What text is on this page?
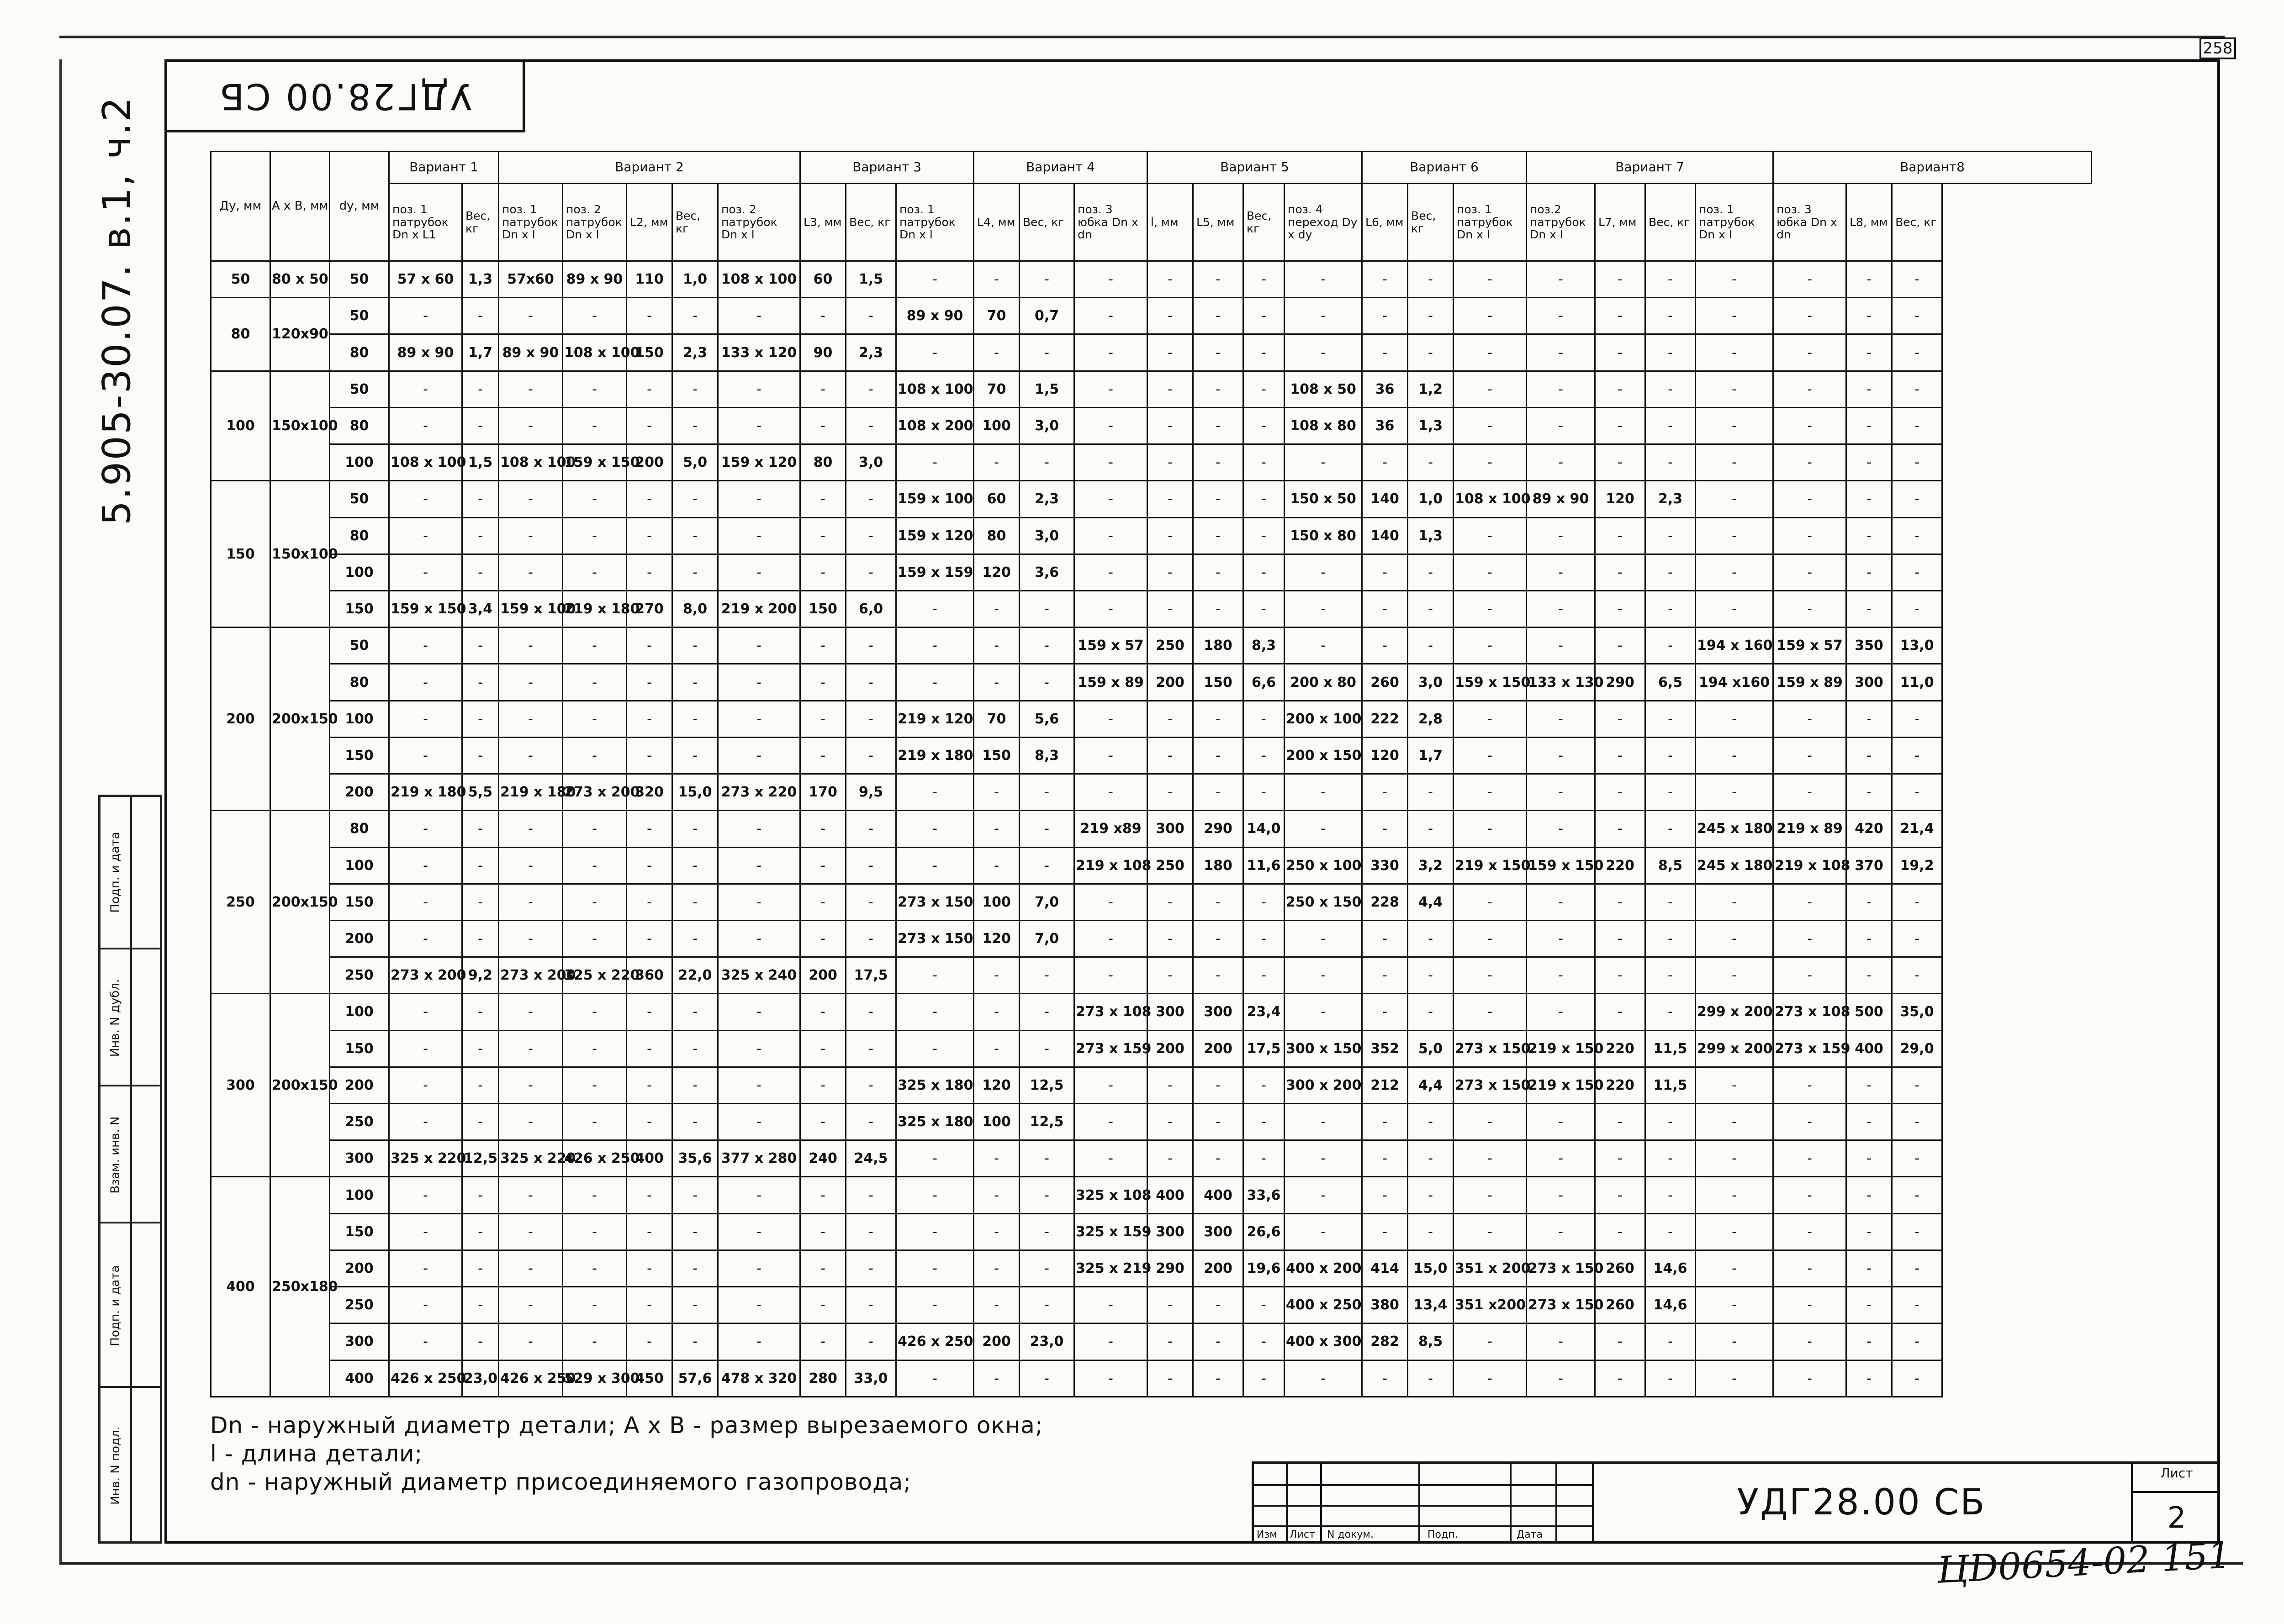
258
УДГ28.00 СБ
5.905-30.07. в.1, ч.2
Подп. и дата
Инв. N дубл.
Взам. инв. N
Подп. и дата
Инв. N подл.
Ду, мм	А х В, мм	dу, мм	Вариант 1		Вариант 2					Вариант 3			Вариант 4			Вариант 5				Вариант 6			Вариант 7				Вариант8		
			поз. 1 патрубок Dn х L1	Вес, кг	поз. 1 патрубок Dn х l	поз. 2 патрубок Dn х l	L2, мм	Вес, кг	поз. 2 патрубок Dn х l	L3, мм	Вес, кг	поз. 1 патрубок Dn х l	L4, мм	Вес, кг	поз. 3 юбка Dn х dn	l, мм	L5, мм	Вес, кг	поз. 4 переход Dy х dy	L6, мм	Вес, кг	поз. 1 патрубок Dn х l	поз.2 патрубок Dn х l	L7, мм	Вес, кг	поз. 1 патрубок Dn х l	поз. 3 юбка Dn х dn	L8, мм	Вес, кг
50	80 х 50	50	57 х 60	1,3	57х60	89 х 90	110	1,0	108 х 100	60	1,5	-	-	-	-	-	-	-	-	-	-	-	-	-	-	-	-	-	-
80	120х90	50	-	-	-	-	-	-	-	-	-	89 х 90	70	0,7	-	-	-	-	-	-	-	-	-	-	-	-	-	-	-
		80	89 х 90	1,7	89 х 90	108 х 100	150	2,3	133 х 120	90	2,3	-	-	-	-	-	-	-	-	-	-	-	-	-	-	-	-	-	-
100	150х100	50	-	-	-	-	-	-	-	-	-	108 х 100	70	1,5	-	-	-	-	108 х 50	36	1,2	-	-	-	-	-	-	-	-
		80	-	-	-	-	-	-	-	-	-	108 х 200	100	3,0	-	-	-	-	108 х 80	36	1,3	-	-	-	-	-	-	-	-
		100	108 х 100	1,5	108 х 100	159 х 150	200	5,0	159 х 120	80	3,0	-	-	-	-	-	-	-	-	-	-	-	-	-	-	-	-	-	-
150	150х100	50	-	-	-	-	-	-	-	-	-	159 х 100	60	2,3	-	-	-	-	150 х 50	140	1,0	108 х 100	89 х 90	120	2,3	-	-	-	-
		80	-	-	-	-	-	-	-	-	-	159 х 120	80	3,0	-	-	-	-	150 х 80	140	1,3	-	-	-	-	-	-	-	-
		100	-	-	-	-	-	-	-	-	-	159 х 159	120	3,6	-	-	-	-	-	-	-	-	-	-	-	-	-	-	-
		150	159 х 150	3,4	159 х 100	219 х 180	270	8,0	219 х 200	150	6,0	-	-	-	-	-	-	-	-	-	-	-	-	-	-	-	-	-	-
200	200х150	50	-	-	-	-	-	-	-	-	-	-	-	-	159 х 57	250	180	8,3	-	-	-	-	-	-	-	194 х 160	159 х 57	350	13,0
		80	-	-	-	-	-	-	-	-	-	-	-	-	159 х 89	200	150	6,6	200 х 80	260	3,0	159 х 150	133 х 130	290	6,5	194 х160	159 х 89	300	11,0
		100	-	-	-	-	-	-	-	-	-	219 х 120	70	5,6	-	-	-	-	200 х 100	222	2,8	-	-	-	-	-	-	-	-
		150	-	-	-	-	-	-	-	-	-	219 х 180	150	8,3	-	-	-	-	200 х 150	120	1,7	-	-	-	-	-	-	-	-
		200	219 х 180	5,5	219 х 180	273 х 200	320	15,0	273 х 220	170	9,5	-	-	-	-	-	-	-	-	-	-	-	-	-	-	-	-	-	-
250	200х150	80	-	-	-	-	-	-	-	-	-	-	-	-	219 х89	300	290	14,0	-	-	-	-	-	-	-	245 х 180	219 х 89	420	21,4
		100	-	-	-	-	-	-	-	-	-	-	-	-	219 х 108	250	180	11,6	250 х 100	330	3,2	219 х 150	159 х 150	220	8,5	245 х 180	219 х 108	370	19,2
		150	-	-	-	-	-	-	-	-	-	273 х 150	100	7,0	-	-	-	-	250 х 150	228	4,4	-	-	-	-	-	-	-	-
		200	-	-	-	-	-	-	-	-	-	273 х 150	120	7,0	-	-	-	-	-	-	-	-	-	-	-	-	-	-	-
		250	273 х 200	9,2	273 х 200	325 х 220	360	22,0	325 х 240	200	17,5	-	-	-	-	-	-	-	-	-	-	-	-	-	-	-	-	-	-
300	200х150	100	-	-	-	-	-	-	-	-	-	-	-	-	273 х 108	300	300	23,4	-	-	-	-	-	-	-	299 х 200	273 х 108	500	35,0
		150	-	-	-	-	-	-	-	-	-	-	-	-	273 х 159	200	200	17,5	300 х 150	352	5,0	273 х 150	219 х 150	220	11,5	299 х 200	273 х 159	400	29,0
		200	-	-	-	-	-	-	-	-	-	325 х 180	120	12,5	-	-	-	-	300 х 200	212	4,4	273 х 150	219 х 150	220	11,5	-	-	-	-
		250	-	-	-	-	-	-	-	-	-	325 х 180	100	12,5	-	-	-	-	-	-	-	-	-	-	-	-	-	-	-
		300	325 х 220	12,5	325 х 220	426 х 250	400	35,6	377 х 280	240	24,5	-	-	-	-	-	-	-	-	-	-	-	-	-	-	-	-	-	-
400	250х180	100	-	-	-	-	-	-	-	-	-	-	-	-	325 х 108	400	400	33,6	-	-	-	-	-	-	-	-	-	-	-
		150	-	-	-	-	-	-	-	-	-	-	-	-	325 х 159	300	300	26,6	-	-	-	-	-	-	-	-	-	-	-
		200	-	-	-	-	-	-	-	-	-	-	-	-	325 х 219	290	200	19,6	400 х 200	414	15,0	351 х 200	273 х 150	260	14,6	-	-	-	-
		250	-	-	-	-	-	-	-	-	-	-	-	-	-	-	-	-	400 х 250	380	13,4	351 х200	273 х 150	260	14,6	-	-	-	-
		300	-	-	-	-	-	-	-	-	-	426 х 250	200	23,0	-	-	-	-	400 х 300	282	8,5	-	-	-	-	-	-	-	-
		400	426 х 250	23,0	426 х 250	529 х 300	450	57,6	478 х 320	280	33,0	-	-	-	-	-	-	-	-	-	-	-	-	-	-	-	-	-	-
Dn - наружный диаметр детали; А х В - размер вырезаемого окна;
l - длина детали;
dn - наружный диаметр присоединяемого газопровода;
Изм Лист N докум.	Подп.	Дата
УДГ28.00 СБ
Лист
2
ЦD0654-02 151
